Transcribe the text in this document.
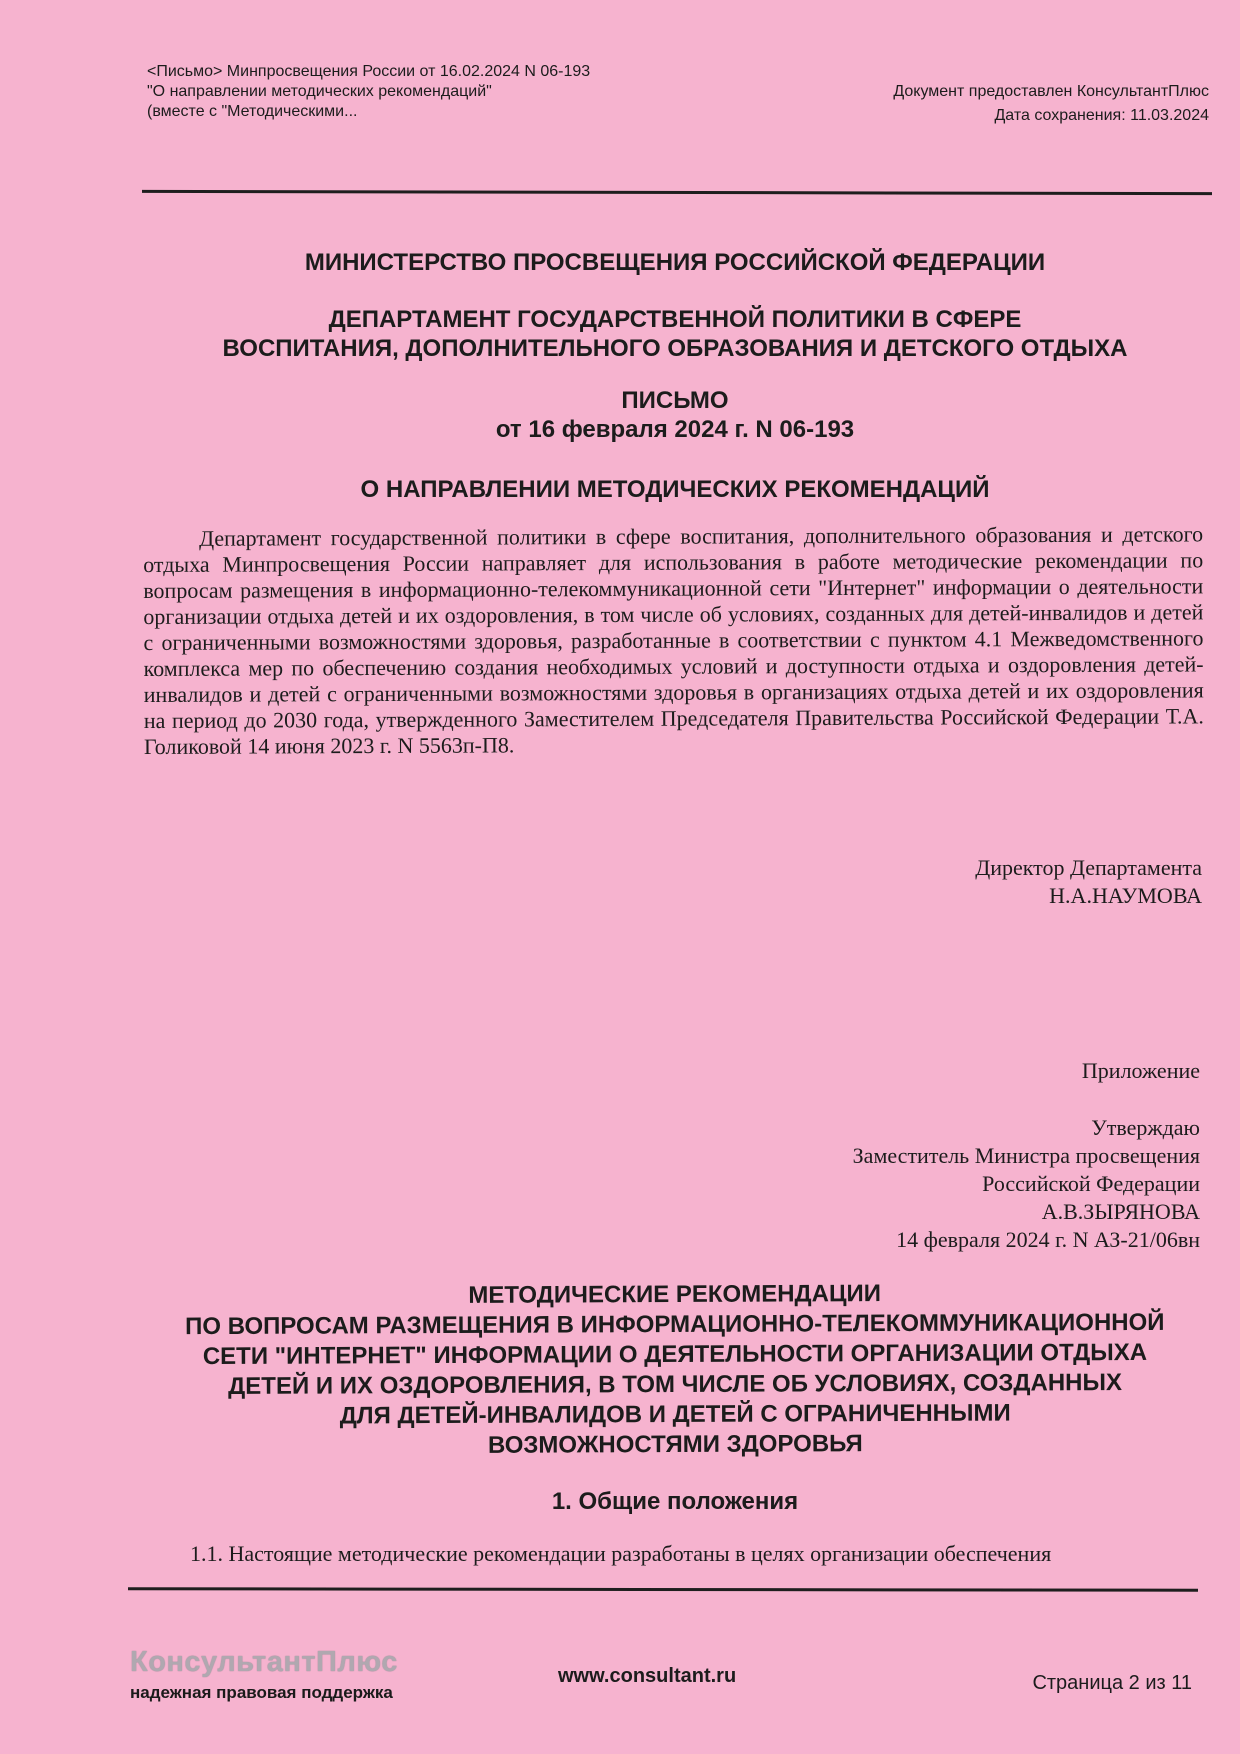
<Письмо> Минпросвещения России от 16.02.2024 N 06-193
"О направлении методических рекомендаций"
(вместе с "Методическими...
Документ предоставлен КонсультантПлюс
Дата сохранения: 11.03.2024
МИНИСТЕРСТВО ПРОСВЕЩЕНИЯ РОССИЙСКОЙ ФЕДЕРАЦИИ
ДЕПАРТАМЕНТ ГОСУДАРСТВЕННОЙ ПОЛИТИКИ В СФЕРЕ
ВОСПИТАНИЯ, ДОПОЛНИТЕЛЬНОГО ОБРАЗОВАНИЯ И ДЕТСКОГО ОТДЫХА
ПИСЬМО
от 16 февраля 2024 г. N 06-193
О НАПРАВЛЕНИИ МЕТОДИЧЕСКИХ РЕКОМЕНДАЦИЙ

Департамент государственной политики в сфере воспитания, дополнительного образования и детского отдыха Минпросвещения России направляет для использования в работе методические рекомендации по вопросам размещения в информационно-телекоммуникационной сети "Интернет" информации о деятельности организации отдыха детей и их оздоровления, в том числе об условиях, созданных для детей-инвалидов и детей с ограниченными возможностями здоровья, разработанные в соответствии с пунктом 4.1 Межведомственного комплекса мер по обеспечению создания необходимых условий и доступности отдыха и оздоровления детей-инвалидов и детей с ограниченными возможностями здоровья в организациях отдыха детей и их оздоровления на период до 2030 года, утвержденного Заместителем Председателя Правительства Российской Федерации Т.А. Голиковой 14 июня 2023 г. N 5563п-П8.

Директор Департамента
Н.А.НАУМОВА
Приложение
Утверждаю
Заместитель Министра просвещения
Российской Федерации
А.В.ЗЫРЯНОВА
14 февраля 2024 г. N АЗ-21/06вн
МЕТОДИЧЕСКИЕ РЕКОМЕНДАЦИИ
ПО ВОПРОСАМ РАЗМЕЩЕНИЯ В ИНФОРМАЦИОННО-ТЕЛЕКОММУНИКАЦИОННОЙ
СЕТИ "ИНТЕРНЕТ" ИНФОРМАЦИИ О ДЕЯТЕЛЬНОСТИ ОРГАНИЗАЦИИ ОТДЫХА
ДЕТЕЙ И ИХ ОЗДОРОВЛЕНИЯ, В ТОМ ЧИСЛЕ ОБ УСЛОВИЯХ, СОЗДАННЫХ
ДЛЯ ДЕТЕЙ-ИНВАЛИДОВ И ДЕТЕЙ С ОГРАНИЧЕННЫМИ
ВОЗМОЖНОСТЯМИ ЗДОРОВЬЯ
1. Общие положения
1.1. Настоящие методические рекомендации разработаны в целях организации обеспечения
КонсультантПлюс
надежная правовая поддержка
www.consultant.ru	Страница 2 из 11
